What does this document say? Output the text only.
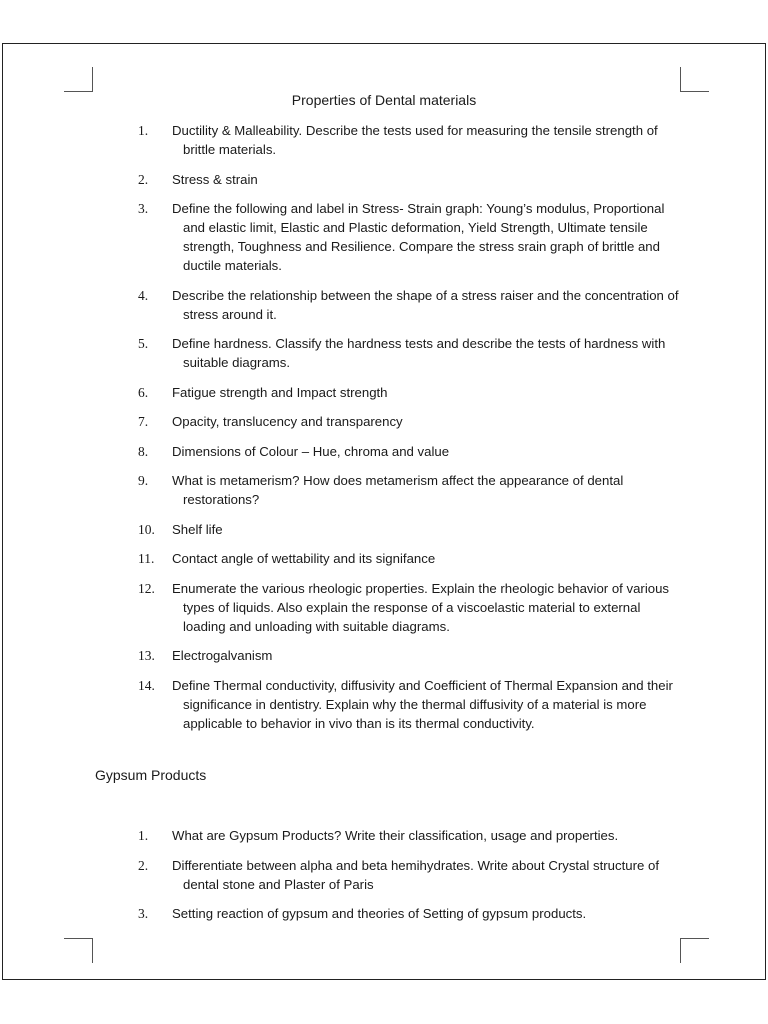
Properties of Dental materials
1. Ductility & Malleability. Describe the tests used for measuring the tensile strength of brittle materials.
2. Stress & strain
3. Define the following and label in Stress- Strain graph: Young’s modulus, Proportional and elastic limit, Elastic and Plastic deformation, Yield Strength, Ultimate tensile strength, Toughness and Resilience. Compare the stress srain graph of brittle and ductile materials.
4. Describe the relationship between the shape of a stress raiser and the concentration of stress around it.
5. Define hardness. Classify the hardness tests and describe the tests of hardness with suitable diagrams.
6. Fatigue strength and Impact strength
7. Opacity, translucency and transparency
8. Dimensions of Colour – Hue, chroma and value
9. What is metamerism? How does metamerism affect the appearance of dental restorations?
10. Shelf life
11. Contact angle of wettability and its signifance
12. Enumerate the various rheologic properties. Explain the rheologic behavior of various types of liquids. Also explain the response of a viscoelastic material to external loading and unloading with suitable diagrams.
13. Electrogalvanism
14. Define Thermal conductivity, diffusivity and Coefficient of Thermal Expansion and their significance in dentistry. Explain why the thermal diffusivity of a material is more applicable to behavior in vivo than is its thermal conductivity.
Gypsum Products
1. What are Gypsum Products? Write their classification, usage and properties.
2. Differentiate between alpha and beta hemihydrates. Write about Crystal structure of dental stone and Plaster of Paris
3. Setting reaction of gypsum and theories of Setting of gypsum products.
